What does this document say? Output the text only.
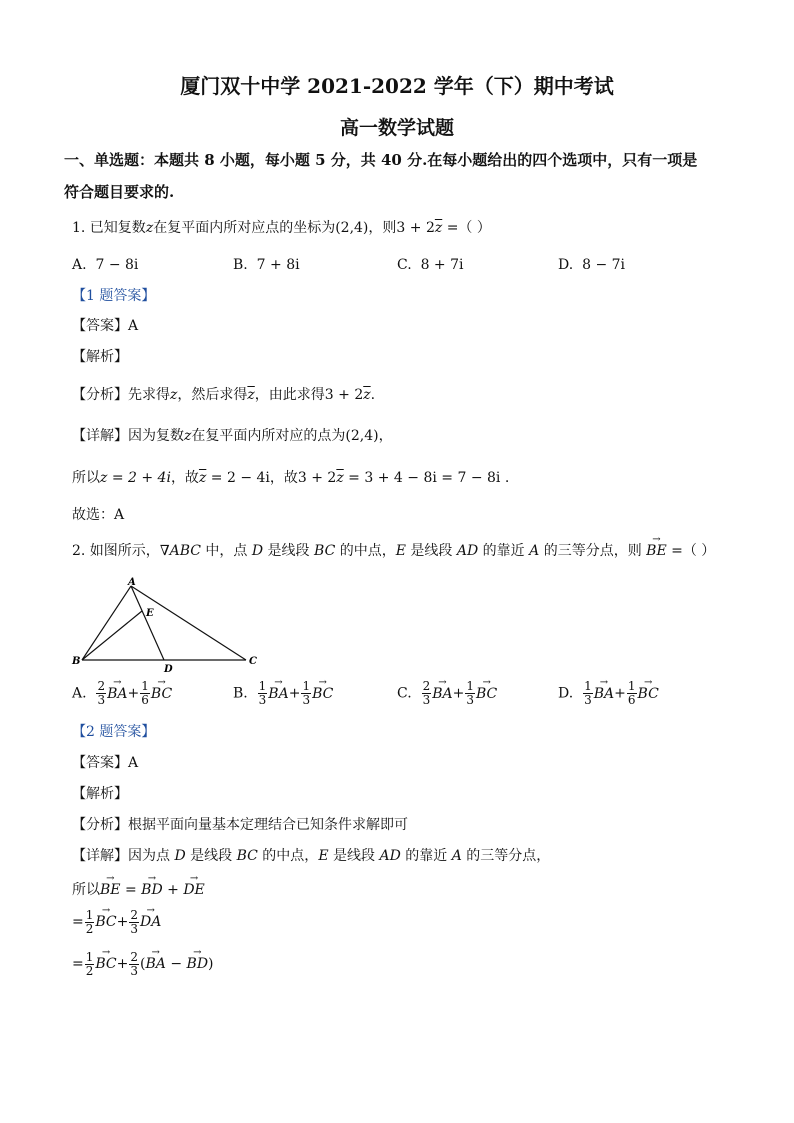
厦门双十中学 2021-2022 学年（下）期中考试
高一数学试题
一、单选题：本题共 8 小题，每小题 5 分，共 40 分.在每小题给出的四个选项中，只有一项是
符合题目要求的.
1. 已知复数z在复平面内所对应点的坐标为(2,4)，则$3 + 2\overline{z}$ =（ ）
A. 7 − 8i	B. 7 + 8i	C. 8 + 7i	D. 8 − 7i
【1 题答案】
【答案】A
【解析】
【分析】先求得z，然后求得$\overline{z}$，由此求得$3 + 2\overline{z}$.
【详解】因为复数z在复平面内所对应的点为(2,4)，
所以z = 2 + 4i，故$\overline{z} = 2 - 4i$，故$3 + 2\overline{z} = 3 + 4 - 8i = 7 - 8i$ .
故选：A
2. 如图所示，∇ABC 中，点 D 是线段 BC 的中点，E 是线段 AD 的靠近 A 的三等分点，则 → BE =（ ）
A
B	C
D
E
A. $\frac{2}{3} \to BA+ \frac{1}{6}$ → BC	B. $\frac{1}{3} \to BA+ \frac{1}{3}$ → BC	C. $\frac{2}{3} \to BA+ \frac{1}{3}$ → BC	D. $\frac{1}{3} \to BA+ \frac{1}{6}$ → BC
【2 题答案】
【答案】A
【解析】
【分析】根据平面向量基本定理结合已知条件求解即可
【详解】因为点 D 是线段 BC 的中点，E 是线段 AD 的靠近 A 的三等分点，
所以→ BE = → BD + → DE
= $\frac{1}{2} \to BC+ \frac{2}{3}$ → DA
= $\frac{1}{2} \to BC+ \frac{2}{3}$ (→ BA − → BD)
